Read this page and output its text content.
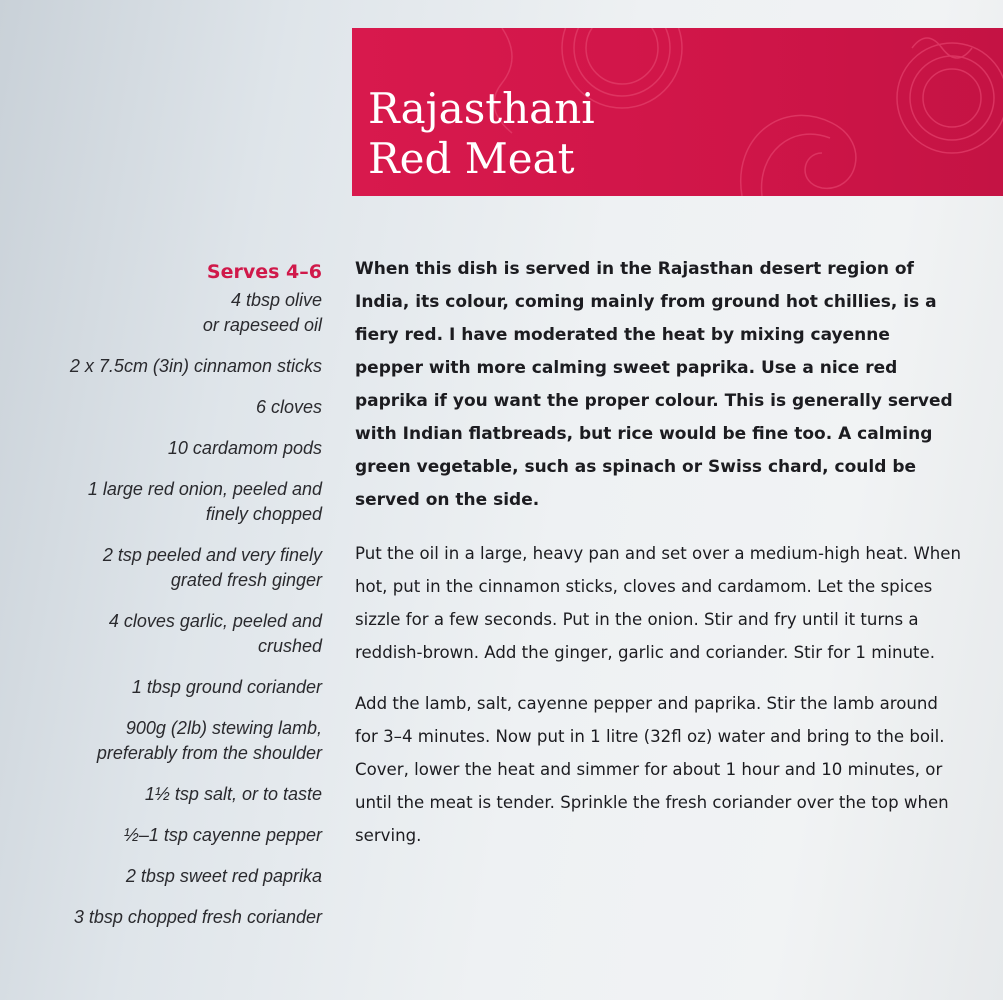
Rajasthani
Red Meat
Serves 4–6
4 tbsp olive
or rapeseed oil
2 x 7.5cm (3in) cinnamon sticks
6 cloves
10 cardamom pods
1 large red onion, peeled and
finely chopped
2 tsp peeled and very finely
grated fresh ginger
4 cloves garlic, peeled and
crushed
1 tbsp ground coriander
900g (2lb) stewing lamb,
preferably from the shoulder
1½ tsp salt, or to taste
½–1 tsp cayenne pepper
2 tbsp sweet red paprika
3 tbsp chopped fresh coriander

When this dish is served in the Rajasthan desert region of India, its colour, coming mainly from ground hot chillies, is a fiery red. I have moderated the heat by mixing cayenne pepper with more calming sweet paprika. Use a nice red paprika if you want the proper colour. This is generally served with Indian flatbreads, but rice would be fine too. A calming green vegetable, such as spinach or Swiss chard, could be served on the side.

Put the oil in a large, heavy pan and set over a medium-high heat. When hot, put in the cinnamon sticks, cloves and cardamom. Let the spices sizzle for a few seconds. Put in the onion. Stir and fry until it turns a reddish-brown. Add the ginger, garlic and coriander. Stir for 1 minute.

Add the lamb, salt, cayenne pepper and paprika. Stir the lamb around for 3–4 minutes. Now put in 1 litre (32fl oz) water and bring to the boil. Cover, lower the heat and simmer for about 1 hour and 10 minutes, or until the meat is tender. Sprinkle the fresh coriander over the top when serving.
